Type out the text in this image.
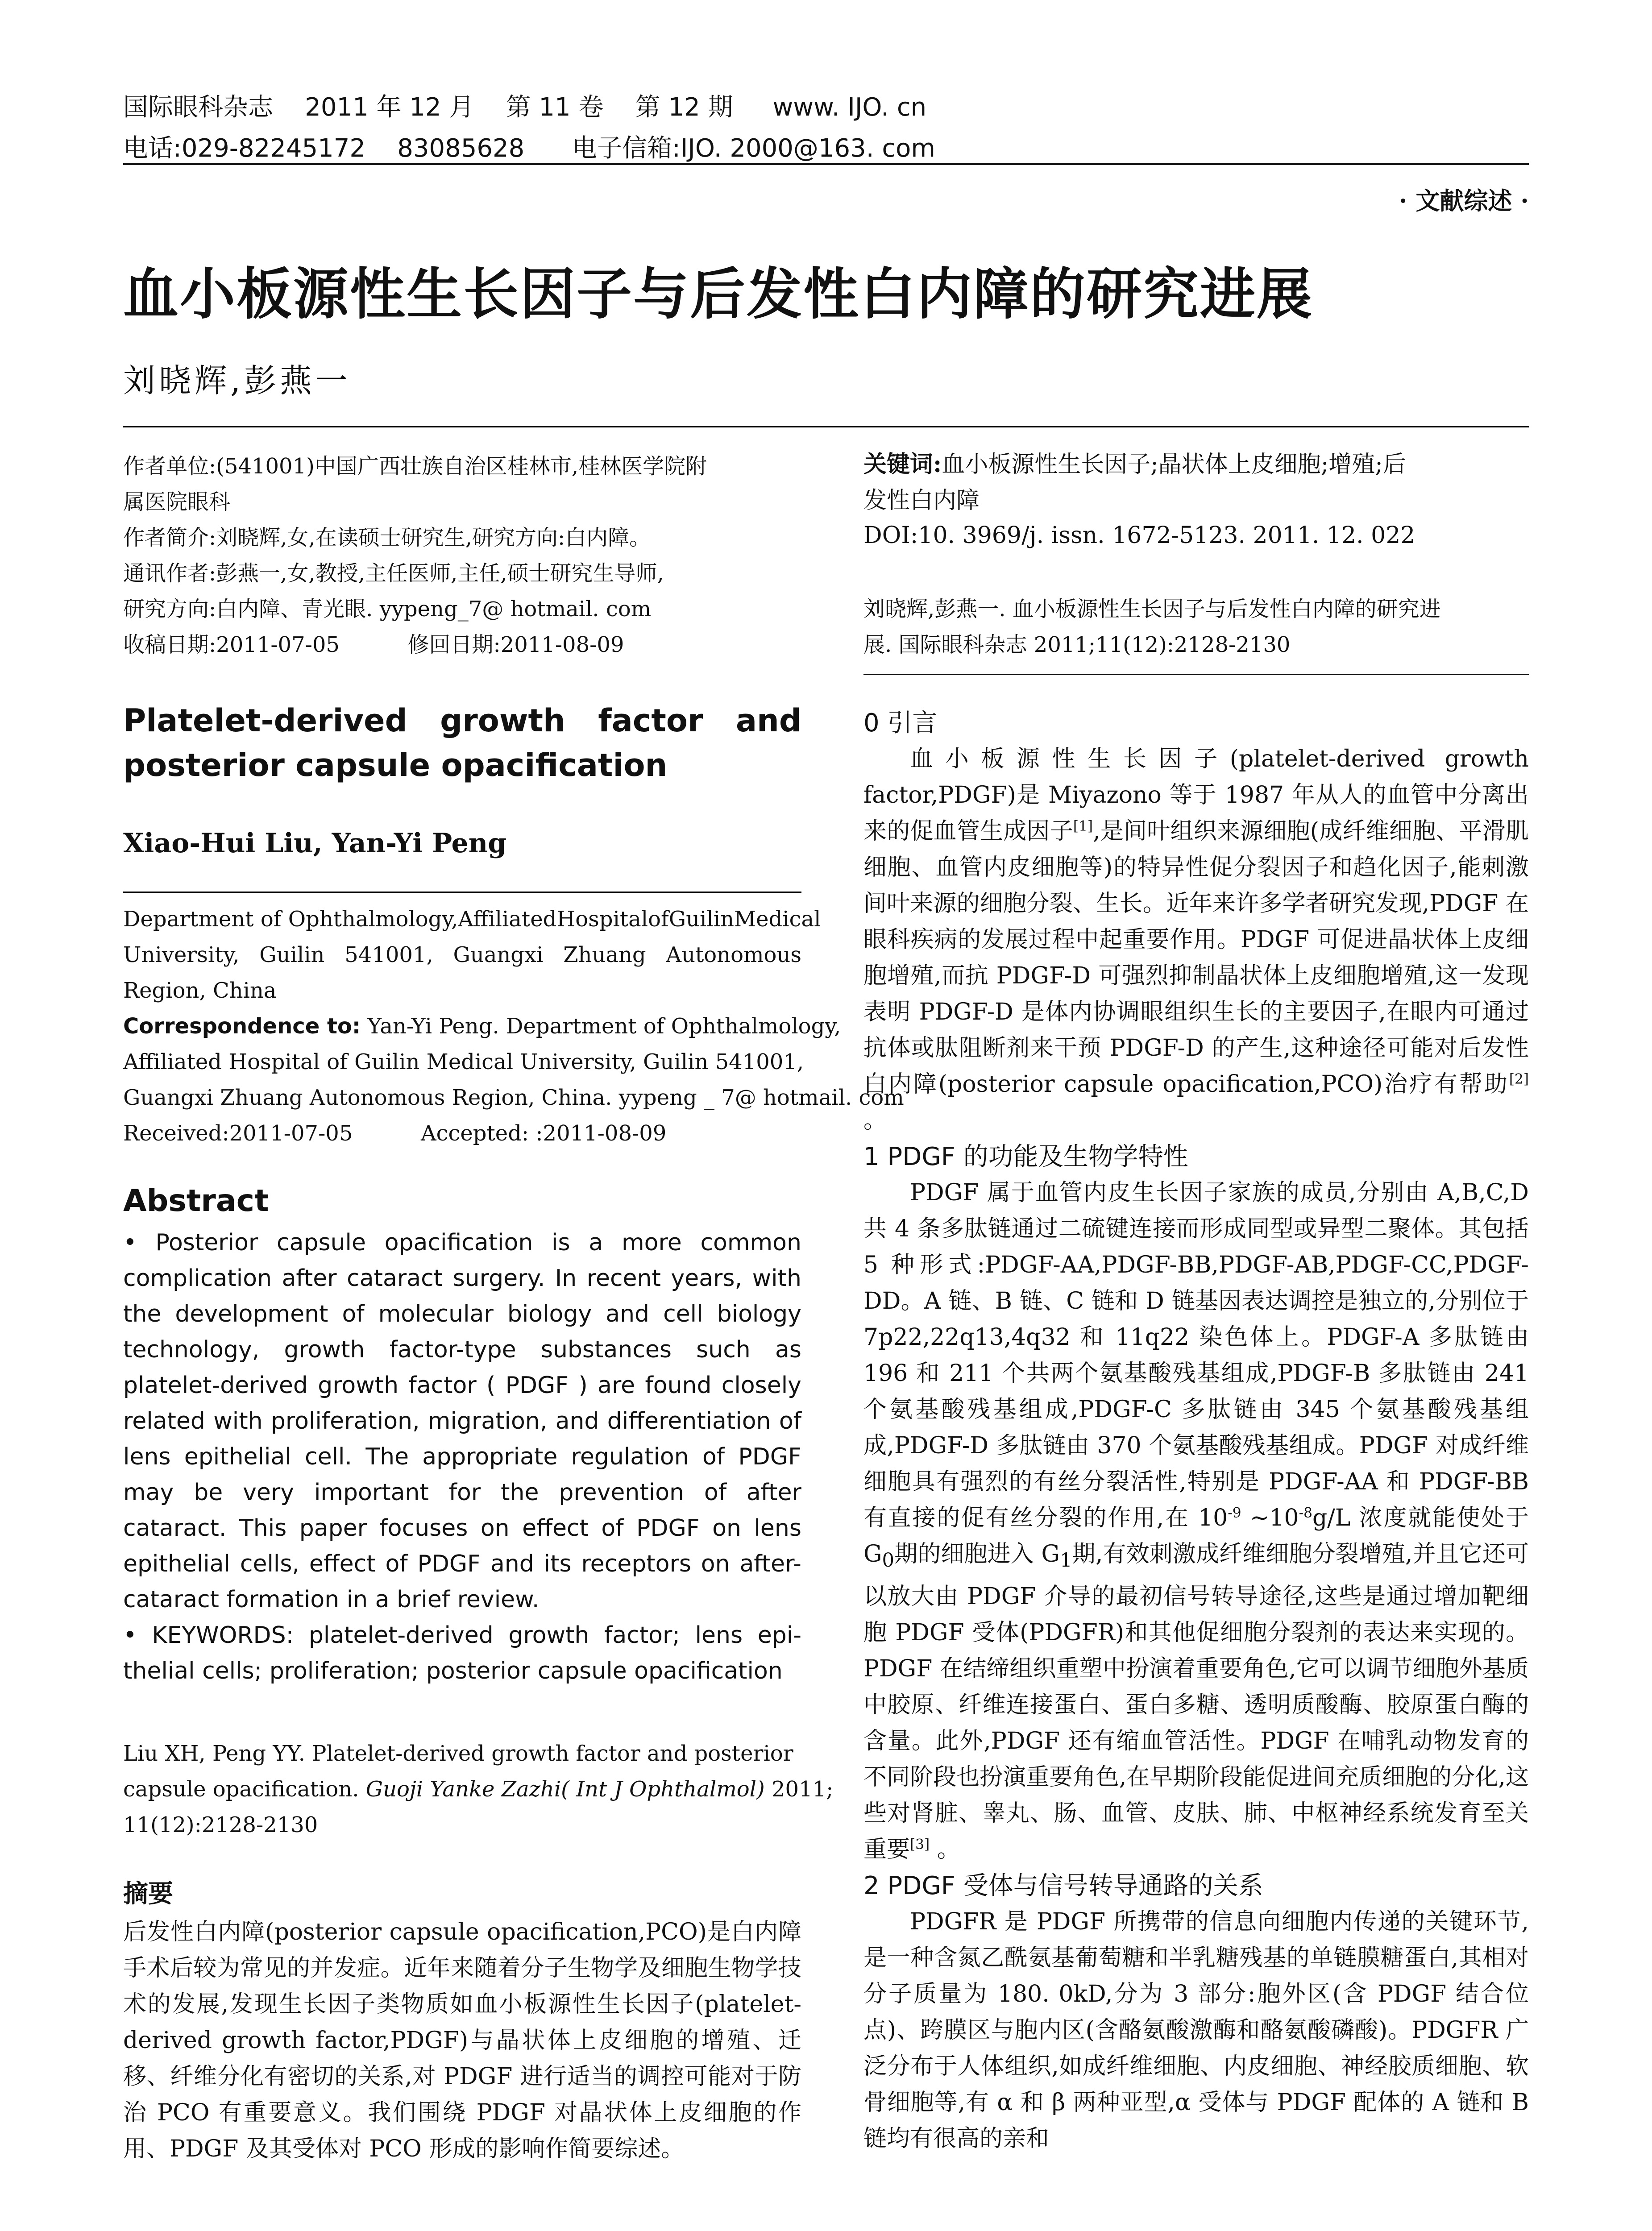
国际眼科杂志    2011 年 12 月    第 11 卷    第 12 期     www. IJO. cn
电话:029-82245172    83085628      电子信箱:IJO. 2000@163. com
· 文献综述 ·
血小板源性生长因子与后发性白内障的研究进展
刘晓辉,彭燕一
作者单位:(541001)中国广西壮族自治区桂林市,桂林医学院附
属医院眼科
作者简介:刘晓辉,女,在读硕士研究生,研究方向:白内障。
通讯作者:彭燕一,女,教授,主任医师,主任,硕士研究生导师,
研究方向:白内障、青光眼. yypeng_7@ hotmail. com
收稿日期:2011-07-05          修回日期:2011-08-09
关键词:血小板源性生长因子;晶状体上皮细胞;增殖;后
发性白内障
DOI:10. 3969/j. issn. 1672-5123. 2011. 12. 022
刘晓辉,彭燕一. 血小板源性生长因子与后发性白内障的研究进
展. 国际眼科杂志 2011;11(12):2128-2130
Platelet-derived growth factor and
posterior capsule opacification
Xiao-Hui Liu, Yan-Yi Peng
Department of Ophthalmology, Affiliated Hospital of Guilin Medical
University, Guilin 541001, Guangxi Zhuang Autonomous
Region, China
Correspondence to: Yan-Yi Peng. Department of Ophthalmology,
Affiliated Hospital of Guilin Medical University, Guilin 541001,
Guangxi Zhuang Autonomous Region, China. yypeng _ 7@ hotmail. com
Received:2011-07-05          Accepted: :2011-08-09
Abstract
• Posterior capsule opacification is a more common
complication after cataract surgery. In recent years, with
the development of molecular biology and cell biology
technology, growth factor-type substances such as
platelet-derived growth factor ( PDGF ) are found closely
related with proliferation, migration, and differentiation of
lens epithelial cell. The appropriate regulation of PDGF
may be very important for the prevention of after
cataract. This paper focuses on effect of PDGF on lens
epithelial cells, effect of PDGF and its receptors on after-
cataract formation in a brief review.
• KEYWORDS: platelet-derived growth factor; lens epi-
thelial cells; proliferation; posterior capsule opacification
Liu XH, Peng YY. Platelet-derived growth factor and posterior
capsule opacification. Guoji Yanke Zazhi( Int J Ophthalmol) 2011;
11(12):2128-2130
摘要
后发性白内障(posterior capsule opacification,PCO)是白内障手术后较为常见的并发症。近年来随着分子生物学及细胞生物学技术的发展,发现生长因子类物质如血小板源性生长因子(platelet-derived growth factor,PDGF)与晶状体上皮细胞的增殖、迁移、纤维分化有密切的关系,对 PDGF 进行适当的调控可能对于防治 PCO 有重要意义。我们围绕 PDGF 对晶状体上皮细胞的作用、PDGF 及其受体对 PCO 形成的影响作简要综述。
0 引言
血小板源性生长因子(platelet-derived growth factor,PDGF)是 Miyazono 等于 1987 年从人的血管中分离出来的促血管生成因子[1],是间叶组织来源细胞(成纤维细胞、平滑肌细胞、血管内皮细胞等)的特异性促分裂因子和趋化因子,能刺激间叶来源的细胞分裂、生长。近年来许多学者研究发现,PDGF 在眼科疾病的发展过程中起重要作用。PDGF 可促进晶状体上皮细胞增殖,而抗 PDGF-D 可强烈抑制晶状体上皮细胞增殖,这一发现表明 PDGF-D 是体内协调眼组织生长的主要因子,在眼内可通过抗体或肽阻断剂来干预 PDGF-D 的产生,这种途径可能对后发性白内障(posterior capsule opacification,PCO)治疗有帮助[2] 。
1 PDGF 的功能及生物学特性
PDGF 属于血管内皮生长因子家族的成员,分别由 A,B,C,D 共 4 条多肽链通过二硫键连接而形成同型或异型二聚体。其包括 5 种形式:PDGF-AA,PDGF-BB,PDGF-AB,PDGF-CC,PDGF-DD。A 链、B 链、C 链和 D 链基因表达调控是独立的,分别位于 7p22,22q13,4q32 和 11q22 染色体上。PDGF-A 多肽链由 196 和 211 个共两个氨基酸残基组成,PDGF-B 多肽链由 241 个氨基酸残基组成,PDGF-C 多肽链由 345 个氨基酸残基组成,PDGF-D 多肽链由 370 个氨基酸残基组成。PDGF 对成纤维细胞具有强烈的有丝分裂活性,特别是 PDGF-AA 和 PDGF-BB 有直接的促有丝分裂的作用,在 $10^{-9}$ $\sim 10^{-8}g/L$ 浓度就能使处于 $G_0$期的细胞进入 $G_1$期,有效刺激成纤维细胞分裂增殖,并且它还可以放大由 PDGF 介导的最初信号转导途径,这些是通过增加靶细胞 PDGF 受体(PDGFR)和其他促细胞分裂剂的表达来实现的。PDGF 在结缔组织重塑中扮演着重要角色,它可以调节细胞外基质中胶原、纤维连接蛋白、蛋白多糖、透明质酸酶、胶原蛋白酶的含量。此外,PDGF 还有缩血管活性。PDGF 在哺乳动物发育的不同阶段也扮演重要角色,在早期阶段能促进间充质细胞的分化,这些对肾脏、睾丸、肠、血管、皮肤、肺、中枢神经系统发育至关重要[3] 。
2 PDGF 受体与信号转导通路的关系
PDGFR 是 PDGF 所携带的信息向细胞内传递的关键环节,是一种含氮乙酰氨基葡萄糖和半乳糖残基的单链膜糖蛋白,其相对分子质量为 180. 0kD,分为 3 部分:胞外区(含 PDGF 结合位点)、跨膜区与胞内区(含酪氨酸激酶和酪氨酸磷酸)。PDGFR 广泛分布于人体组织,如成纤维细胞、内皮细胞、神经胶质细胞、软骨细胞等,有 α 和 β 两种亚型,α 受体与 PDGF 配体的 A 链和 B 链均有很高的亲和
